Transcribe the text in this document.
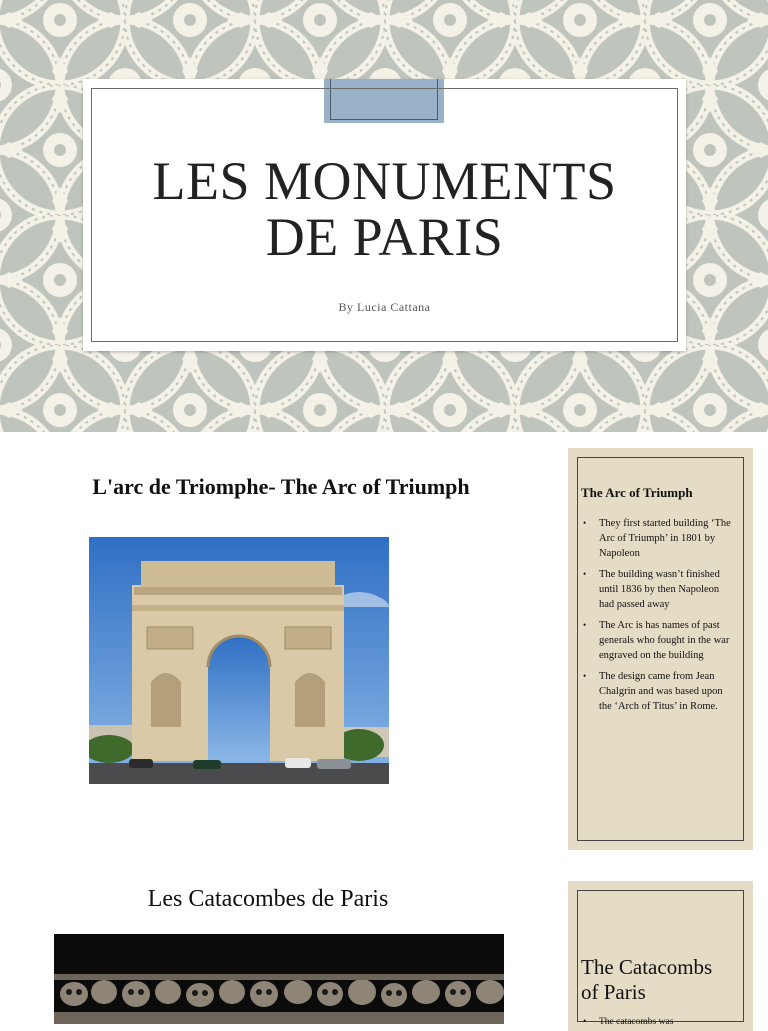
LES MONUMENTS
DE PARIS
By Lucia Cattana
L'arc de Triomphe- The Arc of Triumph	The Arc of Triumph
• They first started building ‘The Arc of Triumph’ in 1801 by Napoleon
• The building wasn’t finished until 1836 by then Napoleon had passed away
• The Arc is has names of past generals who fought in the war engraved on the building
• The design came from Jean Chalgrin and was based upon the ‘Arch of Titus’ in Rome.
Les Catacombes de Paris
The Catacombs of Paris
• The catacombs was
